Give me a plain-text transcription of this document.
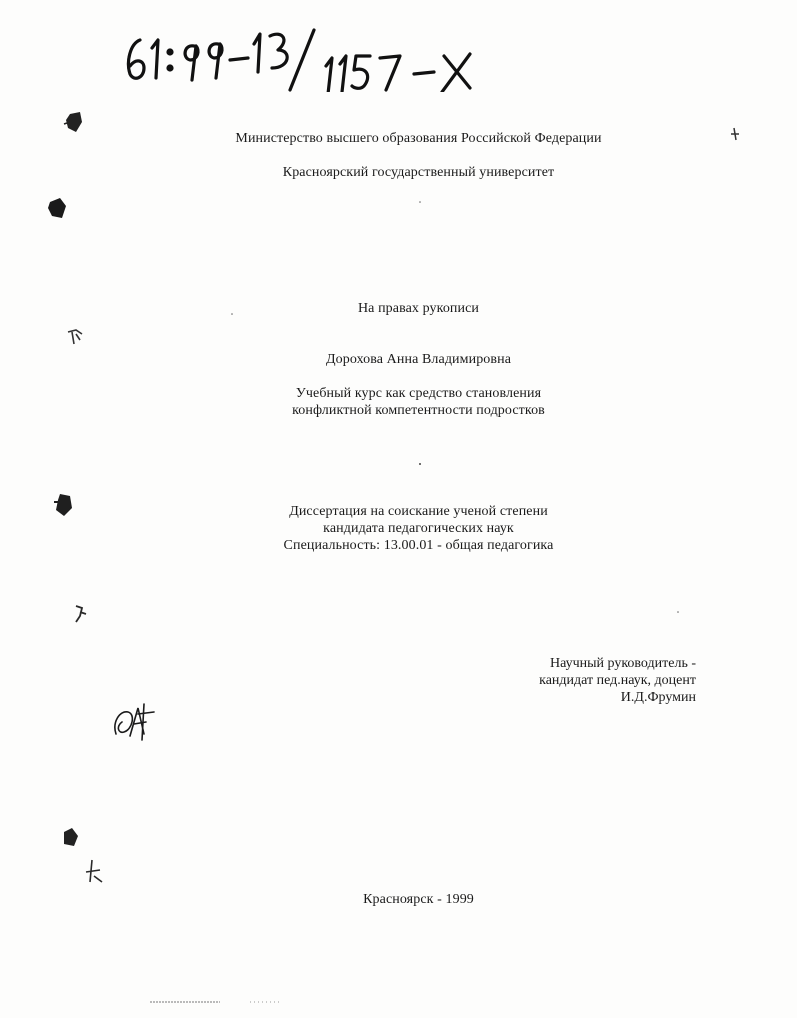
Министерство высшего образования Российской Федерации
Красноярский государственный университет
На правах рукописи
Дорохова Анна Владимировна
Учебный курс как средство становления
конфликтной компетентности подростков
Диссертация на соискание ученой степени
кандидата педагогических наук
Специальность: 13.00.01 - общая педагогика
Научный руководитель -
кандидат пед.наук, доцент
И.Д.Фрумин
Красноярск - 1999
